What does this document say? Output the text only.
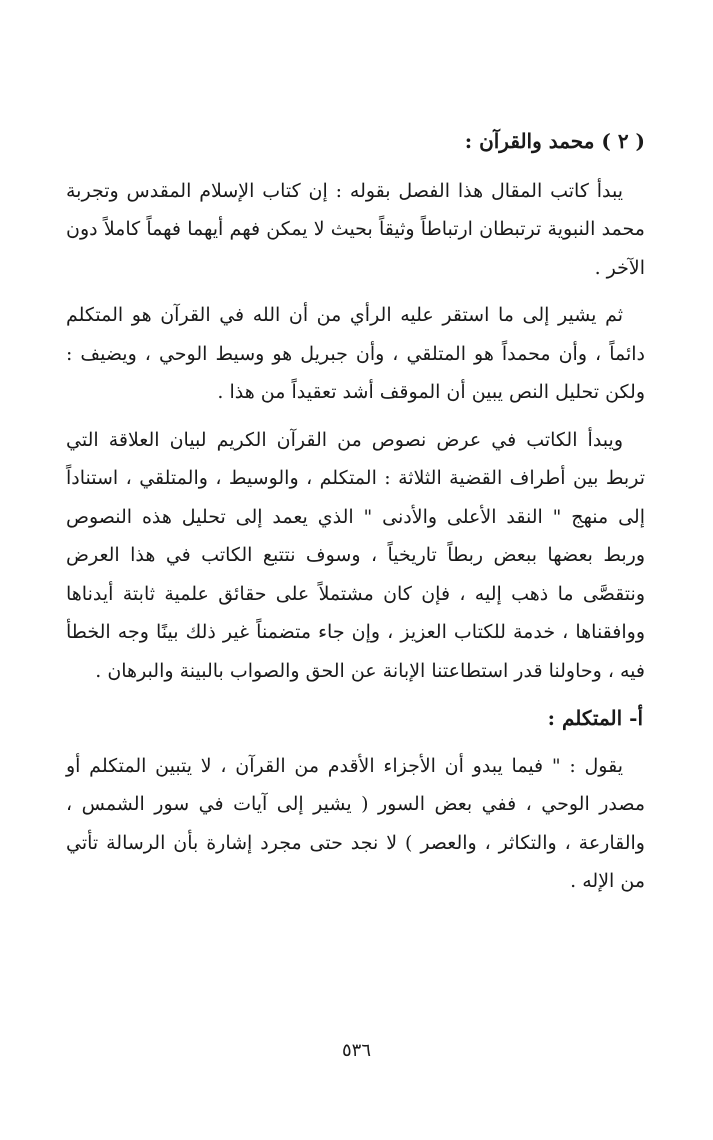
( ٢ ) محمد والقرآن :

يبدأ كاتب المقال هذا الفصل بقوله : إن كتاب الإسلام المقدس وتجربة محمد النبوية ترتبطان ارتباطاً وثيقاً بحيث لا يمكن فهم أيهما فهماً كاملاً دون الآخر .

ثم يشير إلى ما استقر عليه الرأي من أن الله في القرآن هو المتكلم دائماً ، وأن محمداً هو المتلقي ، وأن جبريل هو وسيط الوحي ، ويضيف : ولكن تحليل النص يبين أن الموقف أشد تعقيداً من هذا .

ويبدأ الكاتب في عرض نصوص من القرآن الكريم لبيان العلاقة التي تربط بين أطراف القضية الثلاثة : المتكلم ، والوسيط ، والمتلقي ، استناداً إلى منهج " النقد الأعلى والأدنى " الذي يعمد إلى تحليل هذه النصوص وربط بعضها ببعض ربطاً تاريخياً ، وسوف نتتبع الكاتب في هذا العرض ونتقصَّى ما ذهب إليه ، فإن كان مشتملاً على حقائق علمية ثابتة أيدناها ووافقناها ، خدمة للكتاب العزيز ، وإن جاء متضمناً غير ذلك بينًا وجه الخطأ فيه ، وحاولنا قدر استطاعتنا الإبانة عن الحق والصواب بالبينة والبرهان .

أ- المتكلم :

يقول : " فيما يبدو أن الأجزاء الأقدم من القرآن ، لا يتبين المتكلم أو مصدر الوحي ، ففي بعض السور ( يشير إلى آيات في سور الشمس ، والقارعة ، والتكاثر ، والعصر ) لا نجد حتى مجرد إشارة بأن الرسالة تأتي من الإله .

٥٣٦
